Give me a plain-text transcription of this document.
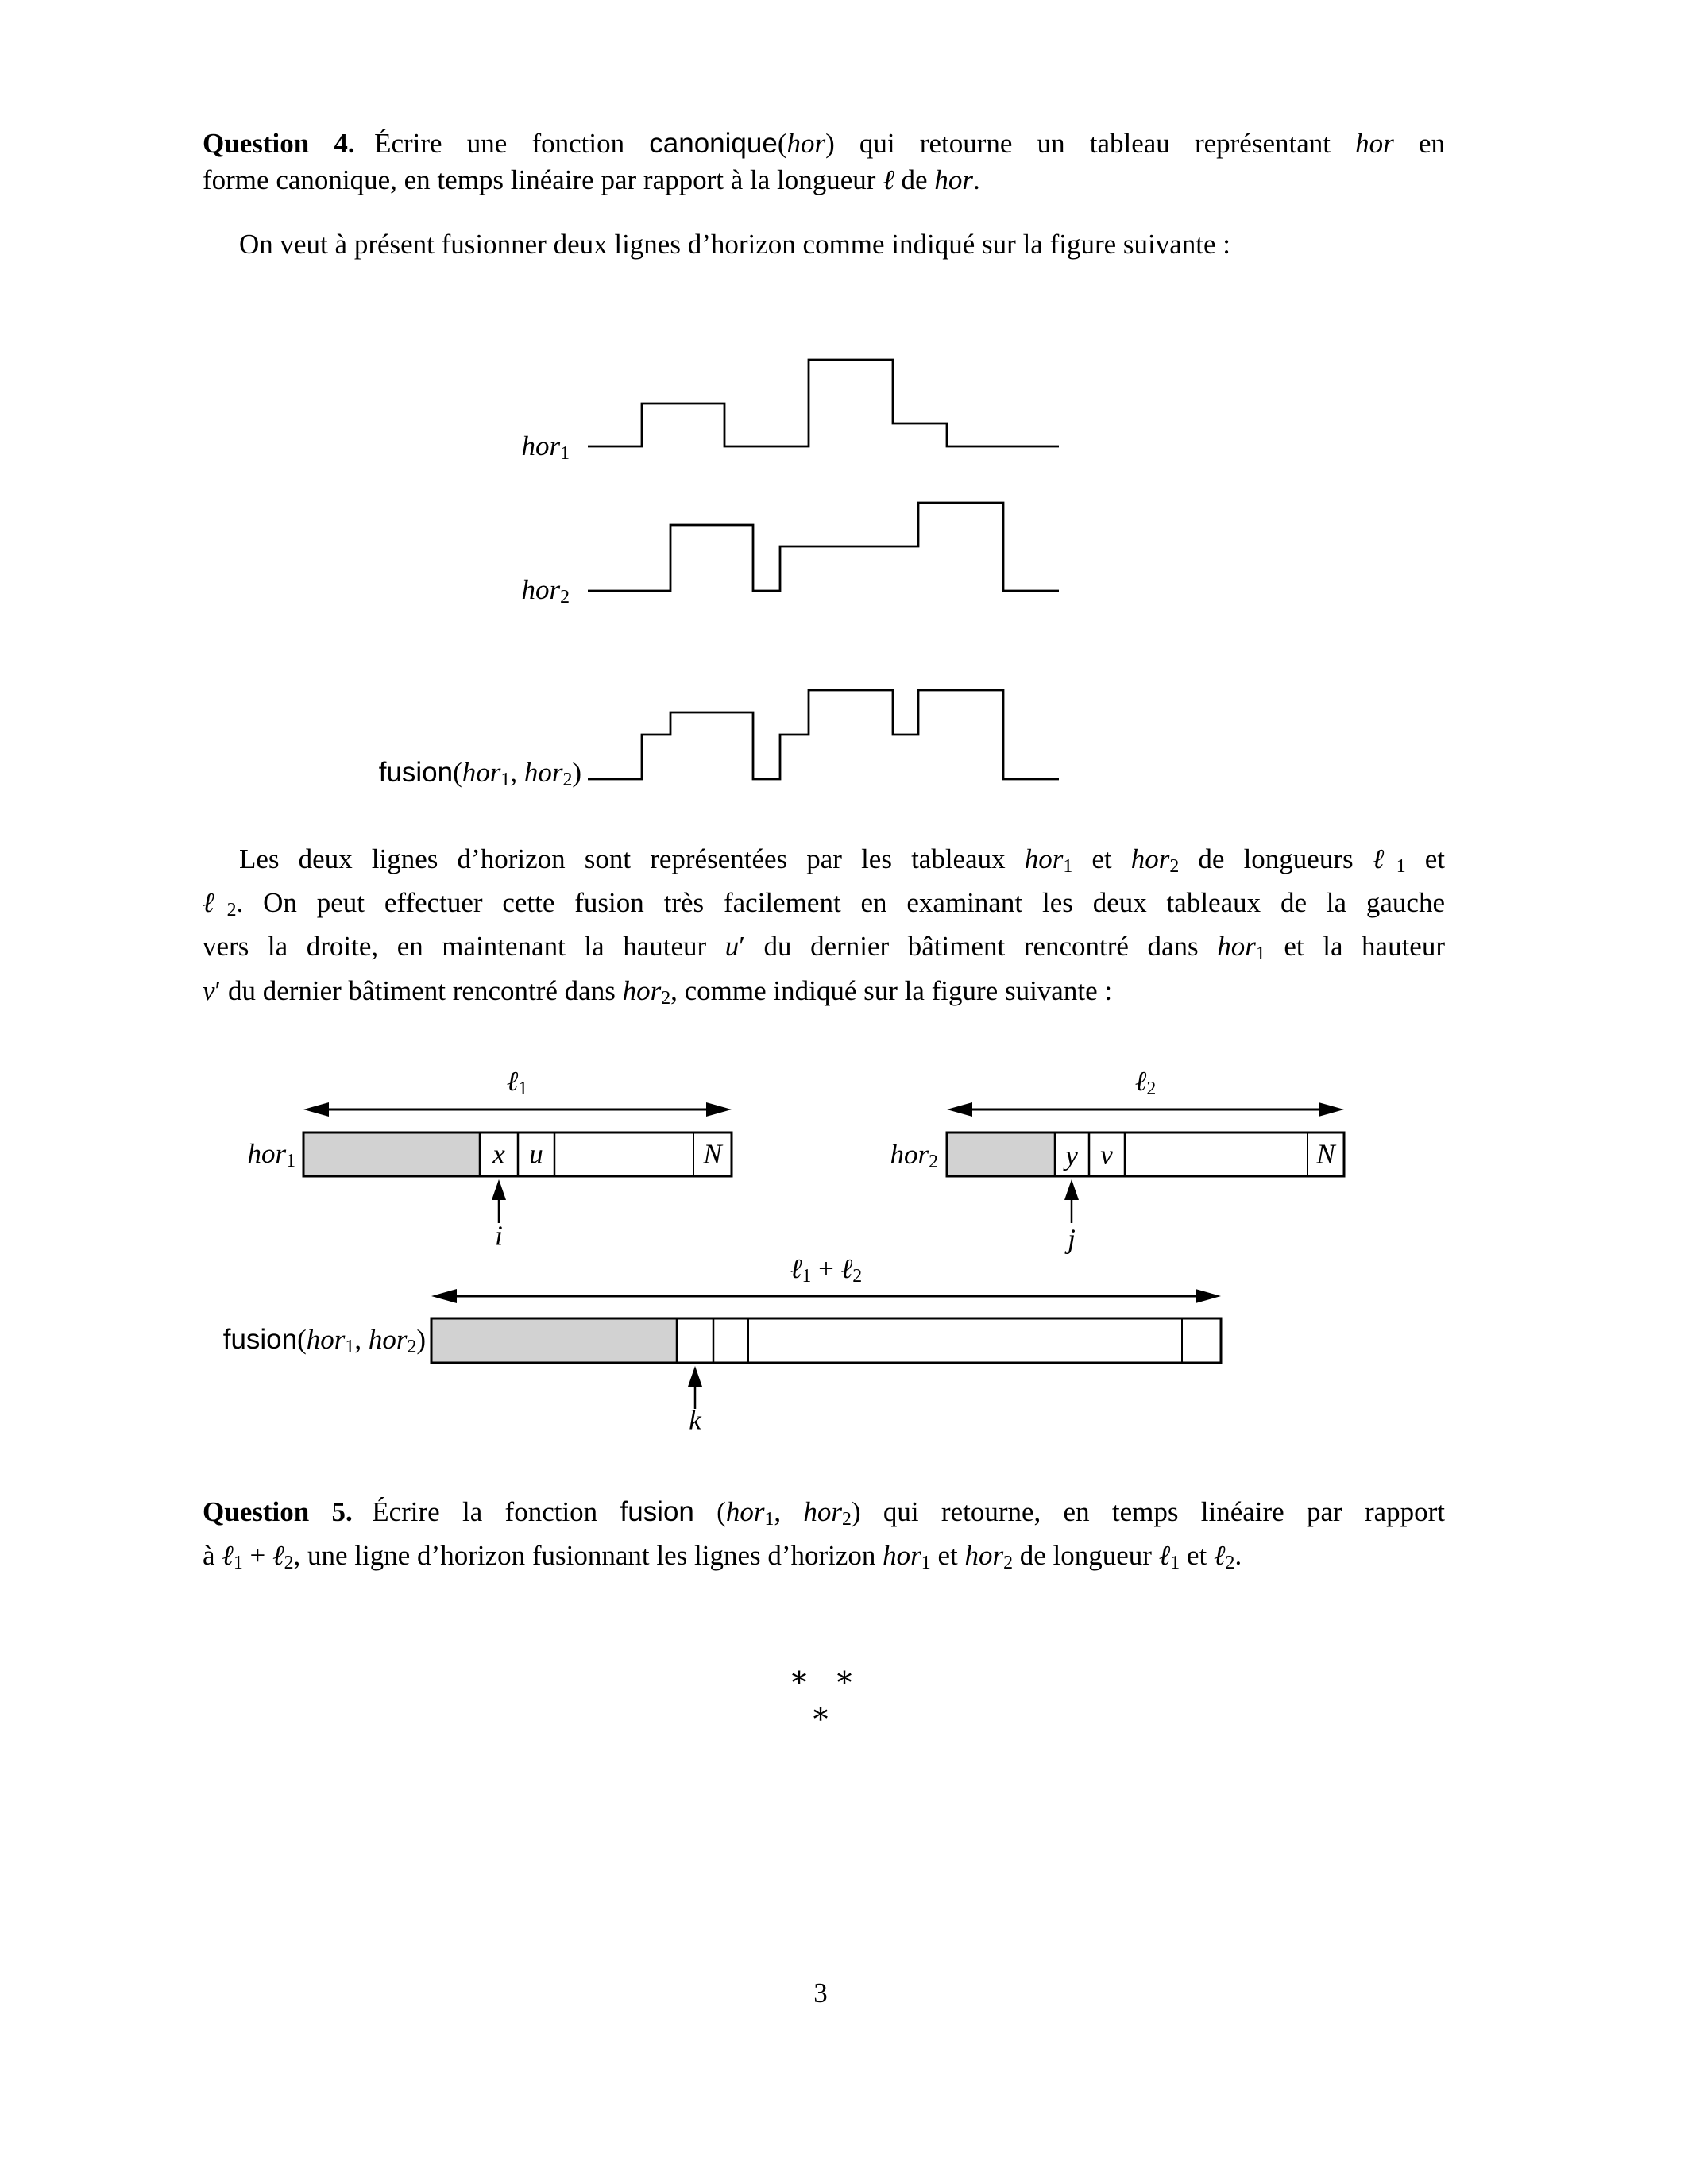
Question 4. Écrire une fonction canonique(hor) qui retourne un tableau représentant hor en
forme canonique, en temps linéaire par rapport à la longueur ℓ de hor.
On veut à présent fusionner deux lignes d’horizon comme indiqué sur la figure suivante :
Les deux lignes d’horizon sont représentées par les tableaux hor1 et hor2 de longueurs ℓ1 et
ℓ2. On peut effectuer cette fusion très facilement en examinant les deux tableaux de la gauche
vers la droite, en maintenant la hauteur u′ du dernier bâtiment rencontré dans hor1 et la hauteur
v′ du dernier bâtiment rencontré dans hor2, comme indiqué sur la figure suivante :
Question 5. Écrire la fonction fusion (hor1, hor2) qui retourne, en temps linéaire par rapport
à ℓ1 + ℓ2, une ligne d’horizon fusionnant les lignes d’horizon hor1 et hor2 de longueur ℓ1 et ℓ2.
hor1
hor2
fusion(hor1, hor2)
hor1	hor2
fusion(hor1, hor2)
ℓ1	ℓ2
ℓ1 + ℓ2
x u	N	y v	N
i	j
k
∗ ∗
∗
3
